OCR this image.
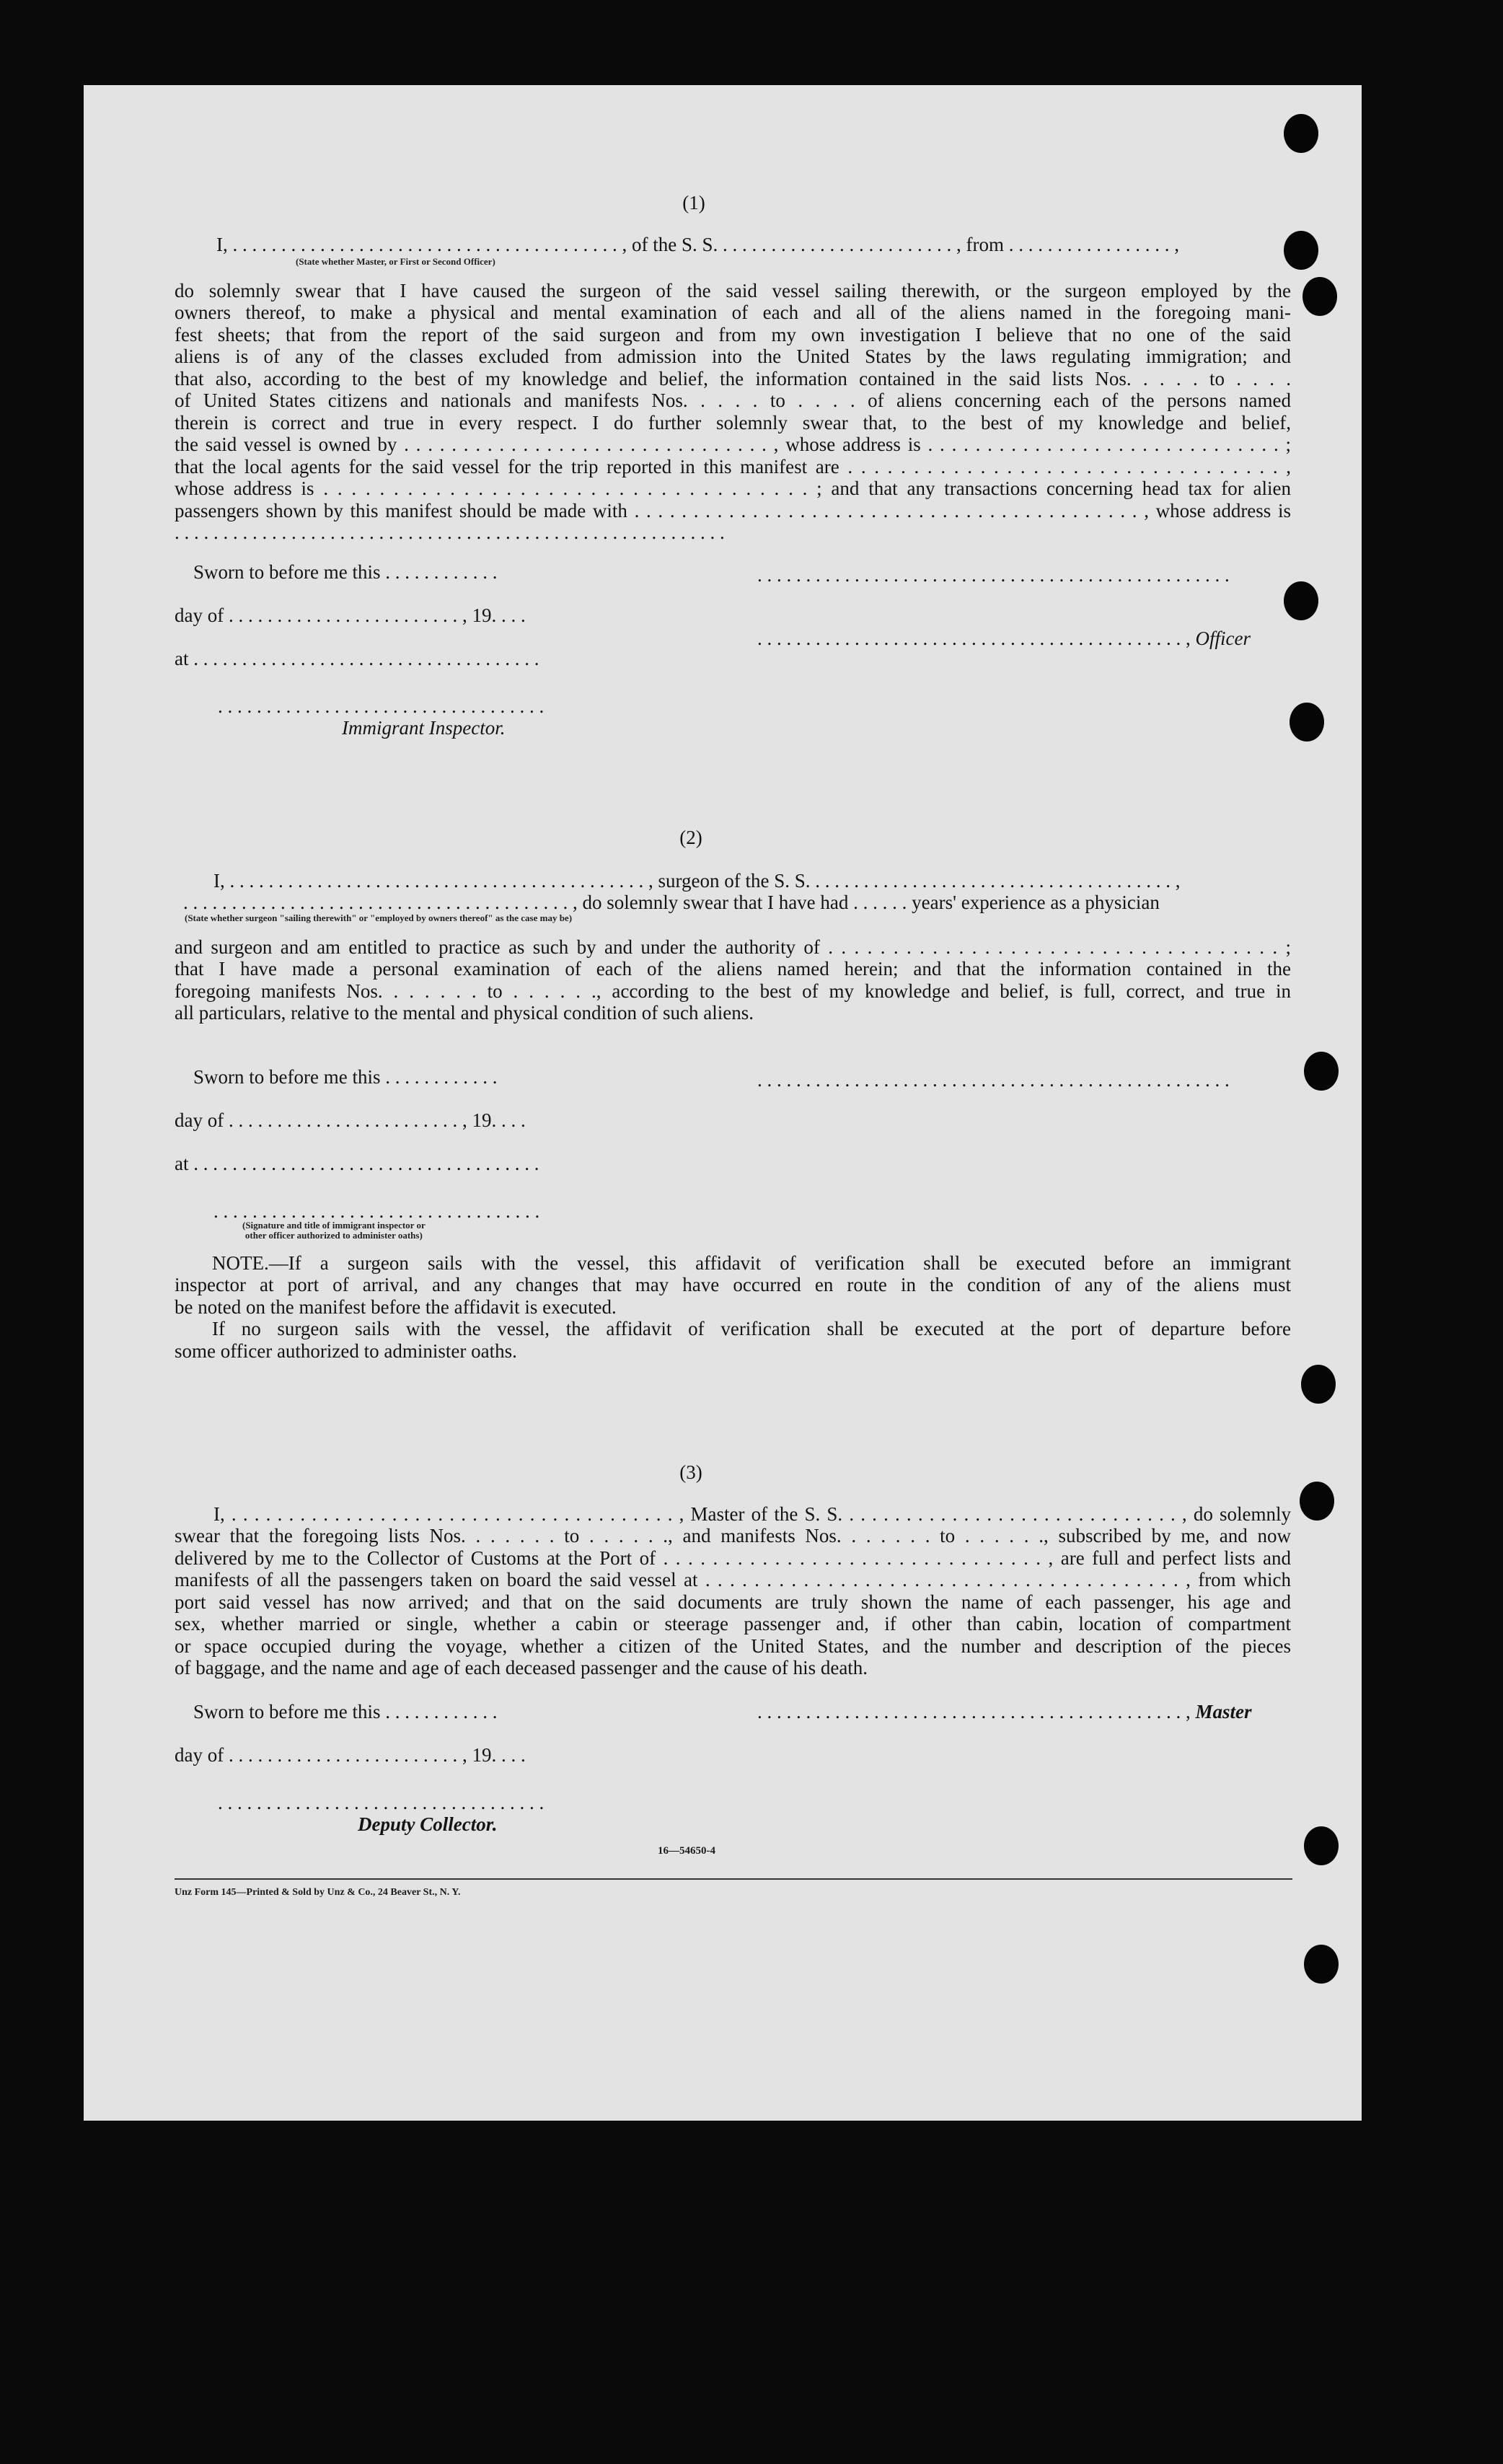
(1)
I, . . . . . . . . . . . . . . . . . . . . . . . . . . . . . . . . . . . . . . . . , of the S. S. . . . . . . . . . . . . . . . . . . . . . . . . , from . . . . . . . . . . . . . . . . . ,
(State whether Master, or First or Second Officer)
do solemnly swear that I have caused the surgeon of the said vessel sailing therewith, or the surgeon employed by the
owners thereof, to make a physical and mental examination of each and all of the aliens named in the foregoing mani-
fest sheets; that from the report of the said surgeon and from my own investigation I believe that no one of the said
aliens is of any of the classes excluded from admission into the United States by the laws regulating immigration; and
that also, according to the best of my knowledge and belief, the information contained in the said lists Nos. . . . . to . . . .
of United States citizens and nationals and manifests Nos. . . . . to . . . . of aliens concerning each of the persons named
therein is correct and true in every respect. I do further solemnly swear that, to the best of my knowledge and belief,
the said vessel is owned by . . . . . . . . . . . . . . . . . . . . . . . . . . . . . . . , whose address is . . . . . . . . . . . . . . . . . . . . . . . . . . . . . . ;
that the local agents for the said vessel for the trip reported in this manifest are . . . . . . . . . . . . . . . . . . . . . . . . . . . . . . . . . ,
whose address is . . . . . . . . . . . . . . . . . . . . . . . . . . . . . . . . . . . ; and that any transactions concerning head tax for alien
passengers shown by this manifest should be made with . . . . . . . . . . . . . . . . . . . . . . . . . . . . . . . . . . . . . . . . . . . , whose address is
. . . . . . . . . . . . . . . . . . . . . . . . . . . . . . . . . . . . . . . . . . . . . . . . . . . . . . . . .
Sworn to before me this . . . . . . . . . . . .	. . . . . . . . . . . . . . . . . . . . . . . . . . . . . . . . . . . . . . . . . . . . . . . . .
day of . . . . . . . . . . . . . . . . . . . . . . . . , 19. . . .
. . . . . . . . . . . . . . . . . . . . . . . . . . . . . . . . . . . . . . . . . . . . , Officer
at . . . . . . . . . . . . . . . . . . . . . . . . . . . . . . . . . . . .
. . . . . . . . . . . . . . . . . . . . . . . . . . . . . . . . . .
Immigrant Inspector.
(2)
I, . . . . . . . . . . . . . . . . . . . . . . . . . . . . . . . . . . . . . . . . . . . , surgeon of the S. S. . . . . . . . . . . . . . . . . . . . . . . . . . . . . . . . . . . . . . ,
. . . . . . . . . . . . . . . . . . . . . . . . . . . . . . . . . . . . . . . . , do solemnly swear that I have had . . . . . . years' experience as a physician
(State whether surgeon "sailing therewith" or "employed by owners thereof" as the case may be)
and surgeon and am entitled to practice as such by and under the authority of . . . . . . . . . . . . . . . . . . . . . . . . . . . . . . . . . . . ;
that I have made a personal examination of each of the aliens named herein; and that the information contained in the
foregoing manifests Nos. . . . . . . to . . . . . ., according to the best of my knowledge and belief, is full, correct, and true in
all particulars, relative to the mental and physical condition of such aliens.
Sworn to before me this . . . . . . . . . . . .	. . . . . . . . . . . . . . . . . . . . . . . . . . . . . . . . . . . . . . . . . . . . . . . . .
day of . . . . . . . . . . . . . . . . . . . . . . . . , 19. . . .
at . . . . . . . . . . . . . . . . . . . . . . . . . . . . . . . . . . . .
. . . . . . . . . . . . . . . . . . . . . . . . . . . . . . . . . .
(Signature and title of immigrant inspector or
other officer authorized to administer oaths)
NOTE.—If a surgeon sails with the vessel, this affidavit of verification shall be executed before an immigrant
inspector at port of arrival, and any changes that may have occurred en route in the condition of any of the aliens must
be noted on the manifest before the affidavit is executed.
If no surgeon sails with the vessel, the affidavit of verification shall be executed at the port of departure before
some officer authorized to administer oaths.
(3)
I, . . . . . . . . . . . . . . . . . . . . . . . . . . . . . . . . . . . . . . . , Master of the S. S. . . . . . . . . . . . . . . . . . . . . . . . . . . . . . , do solemnly
swear that the foregoing lists Nos. . . . . . . to . . . . . ., and manifests Nos. . . . . . . to . . . . . ., subscribed by me, and now
delivered by me to the Collector of Customs at the Port of . . . . . . . . . . . . . . . . . . . . . . . . . . . . . . . , are full and perfect lists and
manifests of all the passengers taken on board the said vessel at . . . . . . . . . . . . . . . . . . . . . . . . . . . . . . . . . . . . . . . , from which
port said vessel has now arrived; and that on the said documents are truly shown the name of each passenger, his age and
sex, whether married or single, whether a cabin or steerage passenger and, if other than cabin, location of compartment
or space occupied during the voyage, whether a citizen of the United States, and the number and description of the pieces
of baggage, and the name and age of each deceased passenger and the cause of his death.
Sworn to before me this . . . . . . . . . . . .	. . . . . . . . . . . . . . . . . . . . . . . . . . . . . . . . . . . . . . . . . . . . , Master
day of . . . . . . . . . . . . . . . . . . . . . . . . , 19. . . .
. . . . . . . . . . . . . . . . . . . . . . . . . . . . . . . . . .
Deputy Collector.
16—54650-4
Unz Form 145—Printed & Sold by Unz & Co., 24 Beaver St., N. Y.
